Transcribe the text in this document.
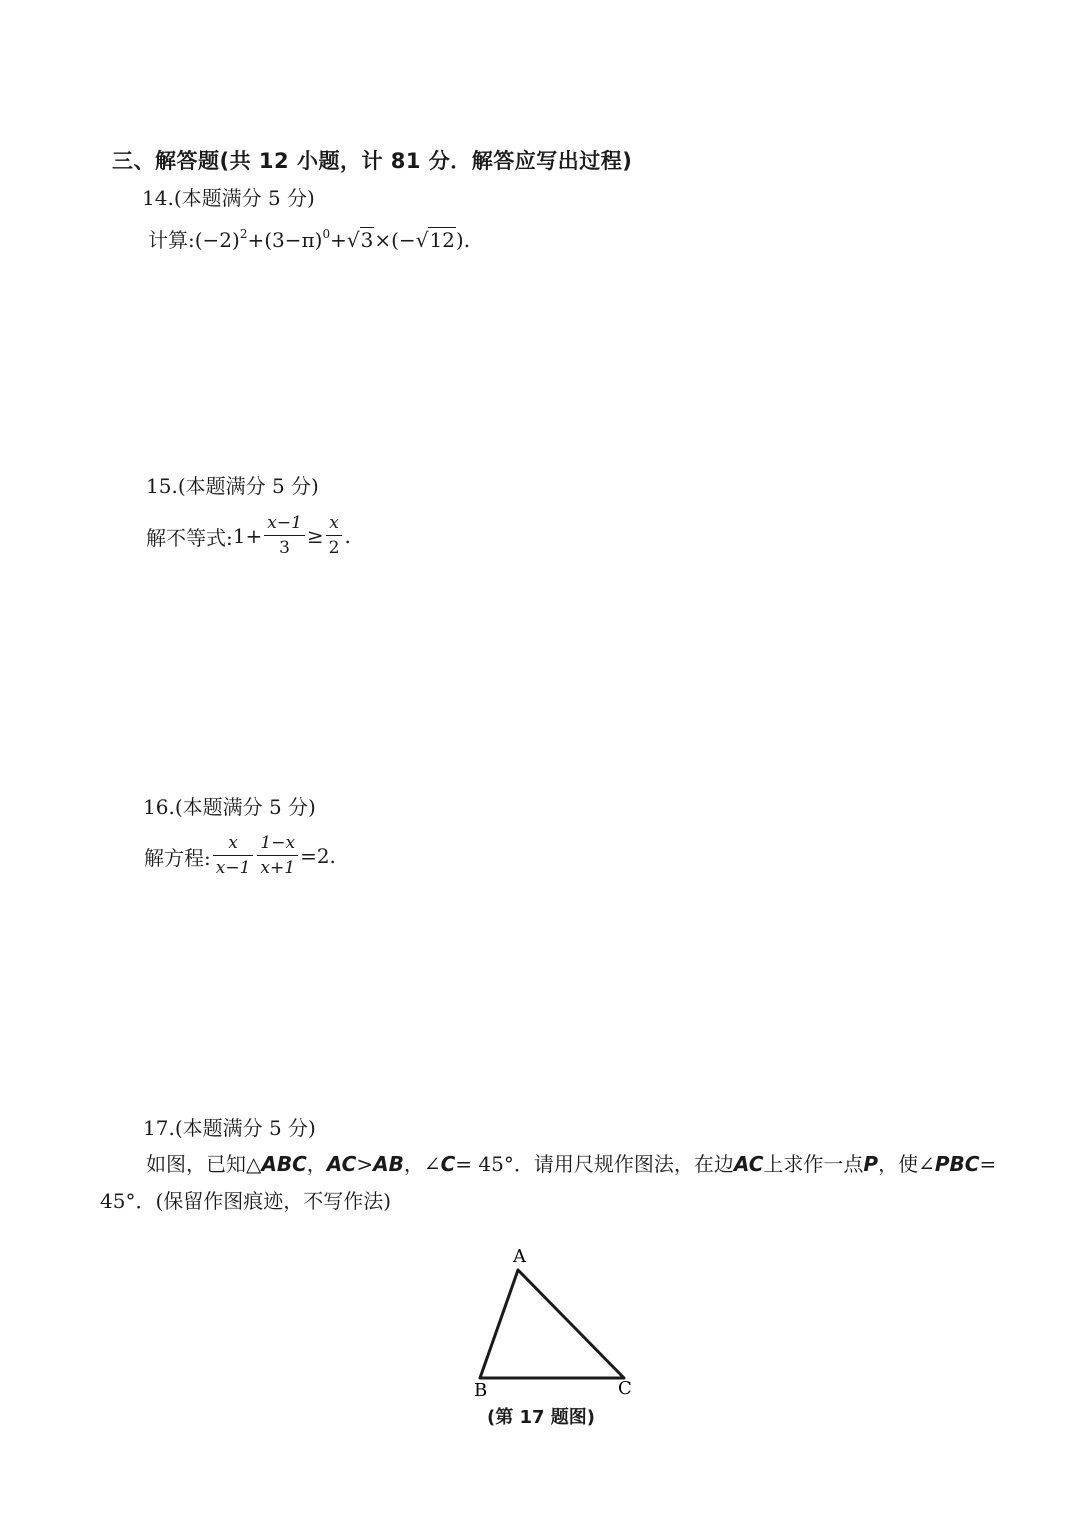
三、解答题(共 12 小题，计 81 分．解答应写出过程)
14.(本题满分 5 分)
计算$:(-2)^2+(3-\pi)^0+√3\times(-√12)$.
15.(本题满分 5 分)
解不等式: $1+ \frac{x-1}{3} \ge \frac{x}{2}$ .
16.(本题满分 5 分)
解方程: $\frac{x}{x-1} \frac{1-x}{x+1} =2$.
17.(本题满分 5 分)
如图，已知△ABC，AC>AB，∠C= 45°．请用尺规作图法，在边AC上求作一点P，使∠PBC=
45°．(保留作图痕迹，不写作法)
A
B	C
(第 17 题图)
